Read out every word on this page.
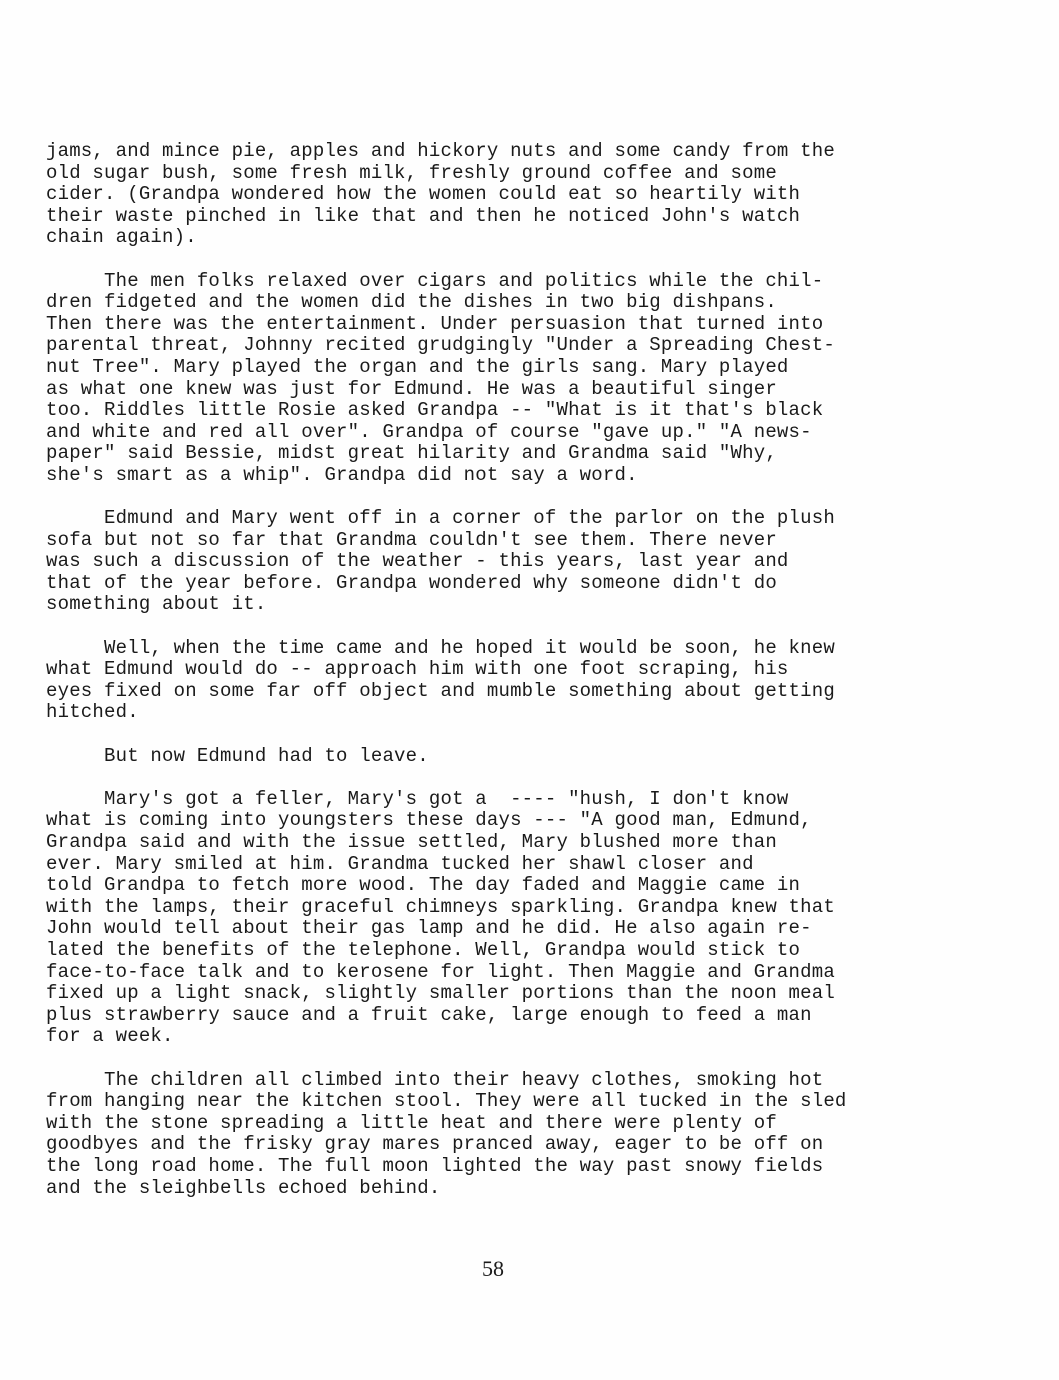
jams, and mince pie, apples and hickory nuts and some candy from the
old sugar bush, some fresh milk, freshly ground coffee and some
cider. (Grandpa wondered how the women could eat so heartily with
their waste pinched in like that and then he noticed John's watch
chain again).
The men folks relaxed over cigars and politics while the chil-
dren fidgeted and the women did the dishes in two big dishpans.
Then there was the entertainment. Under persuasion that turned into
parental threat, Johnny recited grudgingly "Under a Spreading Chest-
nut Tree". Mary played the organ and the girls sang. Mary played
as what one knew was just for Edmund. He was a beautiful singer
too. Riddles little Rosie asked Grandpa -- "What is it that's black
and white and red all over". Grandpa of course "gave up." "A news-
paper" said Bessie, midst great hilarity and Grandma said "Why,
she's smart as a whip". Grandpa did not say a word.
Edmund and Mary went off in a corner of the parlor on the plush
sofa but not so far that Grandma couldn't see them. There never
was such a discussion of the weather - this years, last year and
that of the year before. Grandpa wondered why someone didn't do
something about it.
Well, when the time came and he hoped it would be soon, he knew
what Edmund would do -- approach him with one foot scraping, his
eyes fixed on some far off object and mumble something about getting
hitched.
But now Edmund had to leave.
Mary's got a feller, Mary's got a  ---- "hush, I don't know
what is coming into youngsters these days --- "A good man, Edmund,
Grandpa said and with the issue settled, Mary blushed more than
ever. Mary smiled at him. Grandma tucked her shawl closer and
told Grandpa to fetch more wood. The day faded and Maggie came in
with the lamps, their graceful chimneys sparkling. Grandpa knew that
John would tell about their gas lamp and he did. He also again re-
lated the benefits of the telephone. Well, Grandpa would stick to
face-to-face talk and to kerosene for light. Then Maggie and Grandma
fixed up a light snack, slightly smaller portions than the noon meal
plus strawberry sauce and a fruit cake, large enough to feed a man
for a week.
The children all climbed into their heavy clothes, smoking hot
from hanging near the kitchen stool. They were all tucked in the sled
with the stone spreading a little heat and there were plenty of
goodbyes and the frisky gray mares pranced away, eager to be off on
the long road home. The full moon lighted the way past snowy fields
and the sleighbells echoed behind.
58
